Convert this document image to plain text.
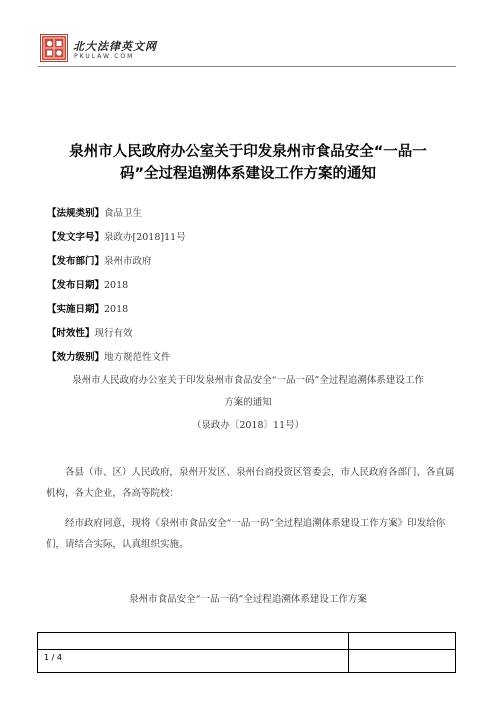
北大法律英文网
PKULAW.COM
泉州市人民政府办公室关于印发泉州市食品安全“一品一
码”全过程追溯体系建设工作方案的通知
【法规类别】食品卫生
【发文字号】泉政办[2018]11号
【发布部门】泉州市政府
【发布日期】2018
【实施日期】2018
【时效性】现行有效
【效力级别】地方规范性文件
泉州市人民政府办公室关于印发泉州市食品安全“一品一码”全过程追溯体系建设工作
方案的通知
（泉政办〔2018〕11号）
各县（市、区）人民政府，泉州开发区、泉州台商投资区管委会，市人民政府各部门、各直属机构，各大企业，各高等院校：
经市政府同意，现将《泉州市食品安全“一品一码”全过程追溯体系建设工作方案》印发给你们，请结合实际，认真组织实施。
泉州市食品安全“一品一码”全过程追溯体系建设工作方案
1 / 4
